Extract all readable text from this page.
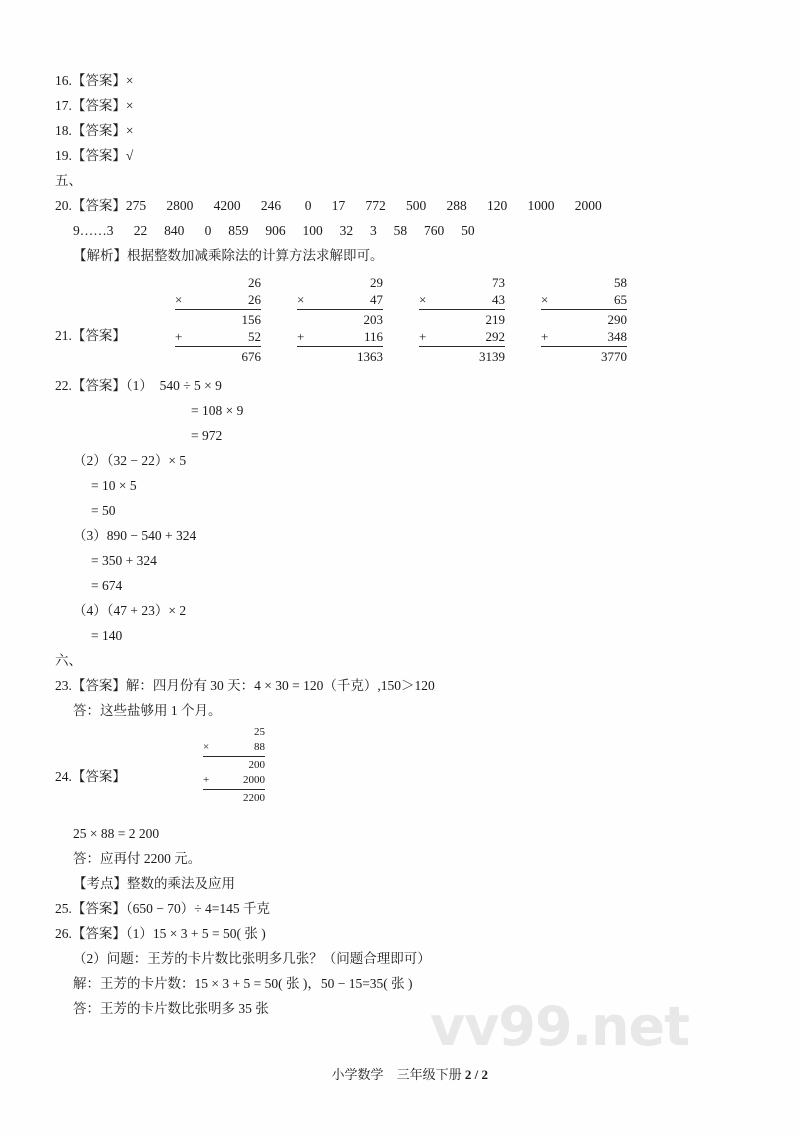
16.【答案】×
17.【答案】×
18.【答案】×
19.【答案】√
五、
20.【答案】275      2800      4200      246       0      17      772      500      288      120      1000      2000
9……3      22     840      0     859     906     100     32     3     58     760     50
【解析】根据整数加减乘除法的计算方法求解即可。
21.【答案】
26
×	26
156
+	52
676
29
×	47
203
+	116
1363
73
×	43
219
+	292
3139
58
×	65
290
+	348
3770
22.【答案】（1）  540 ÷ 5 × 9
= 108 × 9
= 972
（2）（32 − 22）× 5
= 10 × 5
= 50
（3）890 − 540 + 324
= 350 + 324
= 674
（4）（47 + 23）× 2
= 140
六、
23.【答案】解：四月份有 30 天：4 × 30 = 120（千克）,150＞120
答：这些盐够用 1 个月。
24.【答案】
25
×	88
200
+	2000
2200
25 × 88 = 2 200
答：应再付 2200 元。
【考点】整数的乘法及应用
25.【答案】（650 − 70）÷ 4=145 千克
26.【答案】（1）15 × 3 + 5 = 50( 张 )
（2）问题：王芳的卡片数比张明多几张？（问题合理即可）
解：王芳的卡片数：15 × 3 + 5 = 50( 张 )，50 − 15=35( 张 )
答：王芳的卡片数比张明多 35 张	vv99.net

小学数学　 三年级下册 2 / 2
